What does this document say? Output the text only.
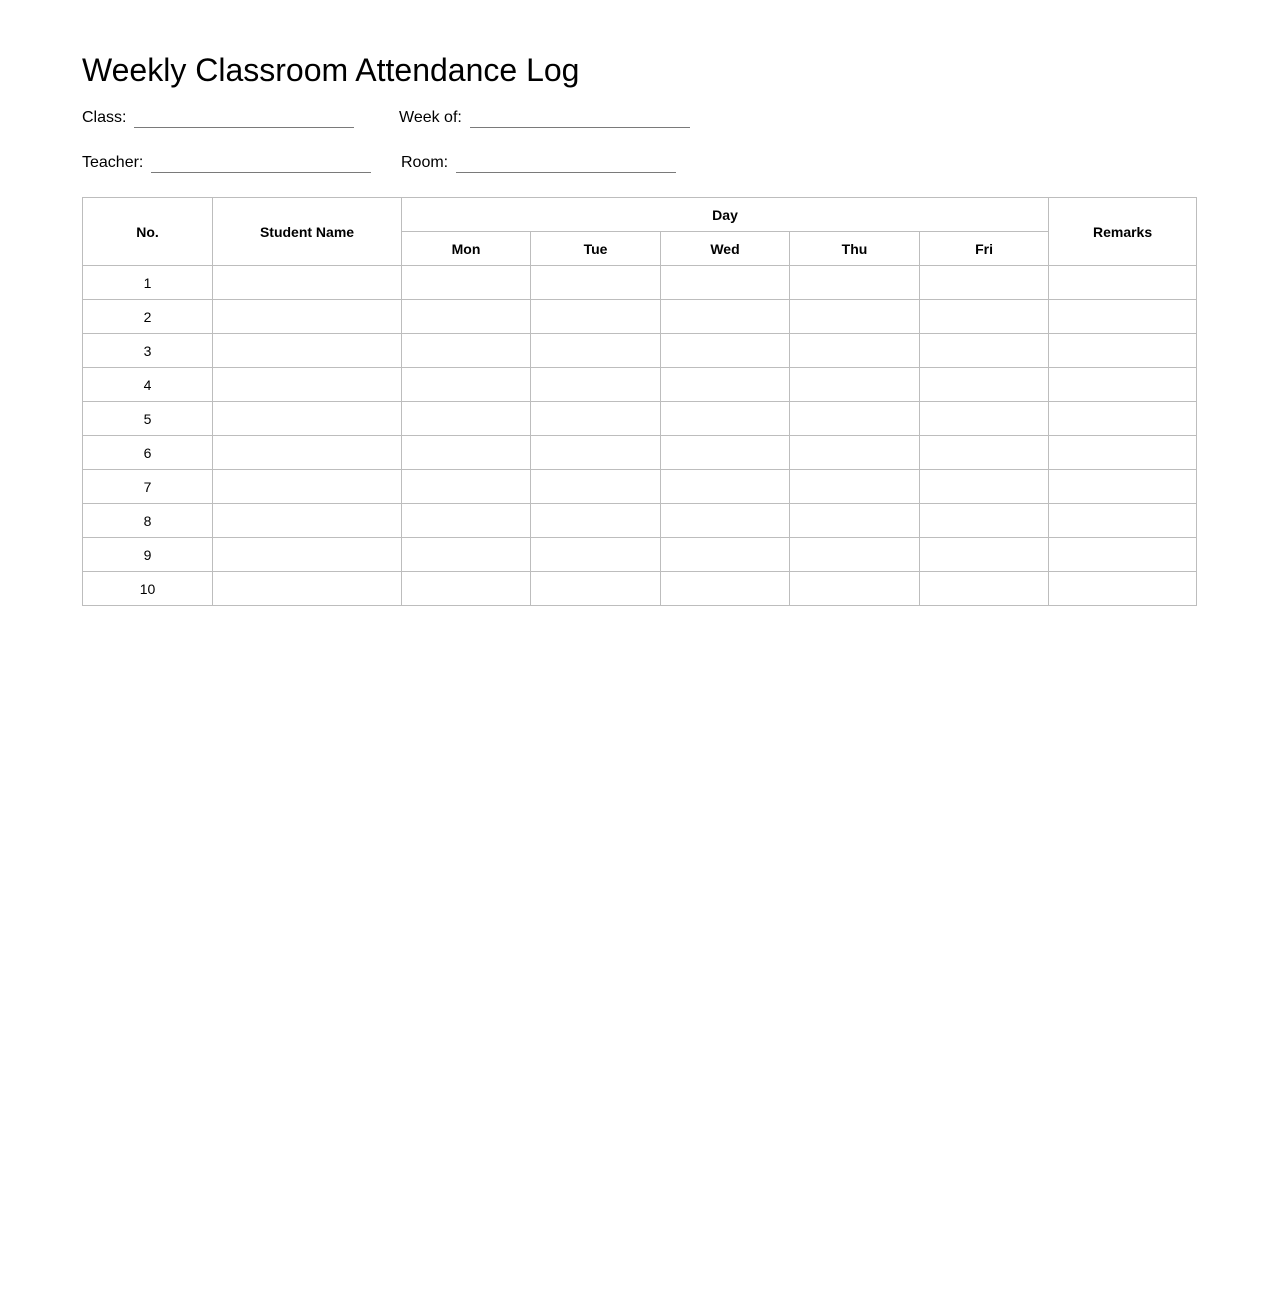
Weekly Classroom Attendance Log
Class:	Week of:
Teacher:	Room:
No.	Student Name	Day					Remarks
		Mon	Tue	Wed	Thu	Fri	
1							
2							
3							
4							
5							
6							
7							
8							
9							
10							
